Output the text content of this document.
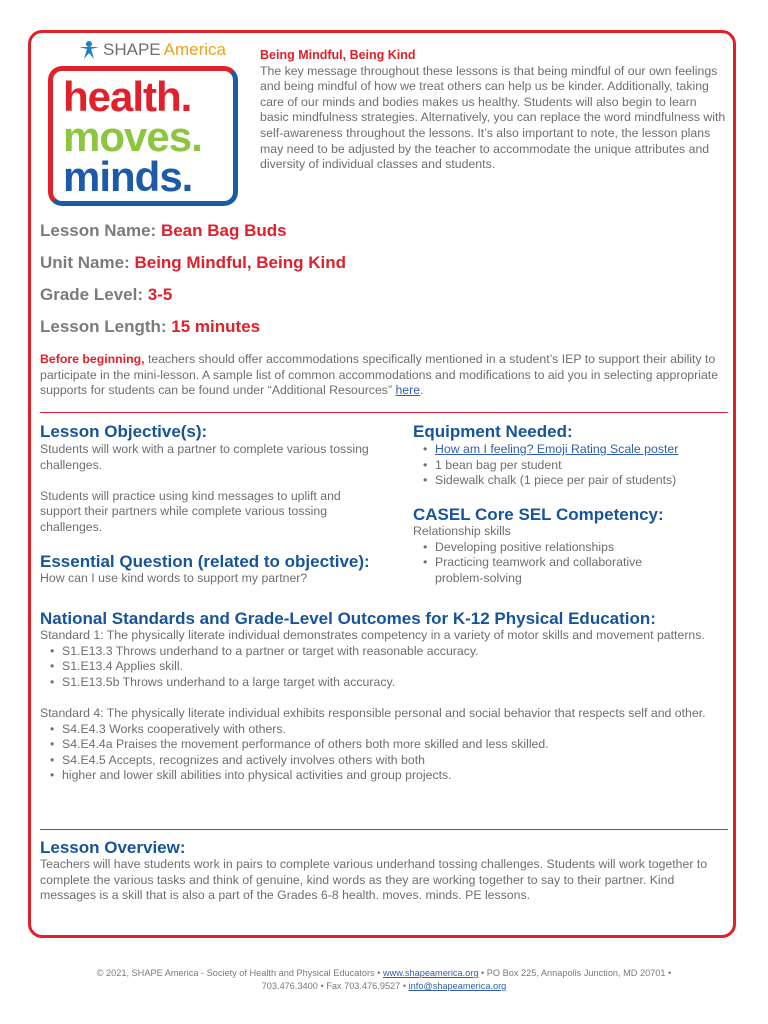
SHAPE America
health.
moves.
minds.
Being Mindful, Being Kind
The key message throughout these lessons is that being mindful of our own feelings and being mindful of how we treat others can help us be kinder. Additionally, taking care of our minds and bodies makes us healthy. Students will also begin to learn basic mindfulness strategies. Alternatively, you can replace the word mindfulness with self-awareness throughout the lessons. It’s also important to note, the lesson plans may need to be adjusted by the teacher to accommodate the unique attributes and diversity of individual classes and students.
Lesson Name: Bean Bag Buds
Unit Name: Being Mindful, Being Kind
Grade Level: 3-5
Lesson Length: 15 minutes
Before beginning, teachers should offer accommodations specifically mentioned in a student’s IEP to support their ability to participate in the mini-lesson. A sample list of common accommodations and modifications to aid you in selecting appropriate supports for students can be found under “Additional Resources” here.
Lesson Objective(s):
Students will work with a partner to complete various tossing challenges.
Students will practice using kind messages to uplift and support their partners while complete various tossing challenges.
Essential Question (related to objective):
How can I use kind words to support my partner?
Equipment Needed:
• How am I feeling? Emoji Rating Scale poster
• 1 bean bag per student
• Sidewalk chalk (1 piece per pair of students)
CASEL Core SEL Competency:
Relationship skills
• Developing positive relationships
• Practicing teamwork and collaborative problem-solving
National Standards and Grade-Level Outcomes for K-12 Physical Education:
Standard 1: The physically literate individual demonstrates competency in a variety of motor skills and movement patterns.
• S1.E13.3 Throws underhand to a partner or target with reasonable accuracy.
• S1.E13.4 Applies skill.
• S1.E13.5b Throws underhand to a large target with accuracy.
Standard 4: The physically literate individual exhibits responsible personal and social behavior that respects self and other.
• S4.E4.3 Works cooperatively with others.
• S4.E4.4a Praises the movement performance of others both more skilled and less skilled.
• S4.E4.5 Accepts, recognizes and actively involves others with both
• higher and lower skill abilities into physical activities and group projects.
Lesson Overview:
Teachers will have students work in pairs to complete various underhand tossing challenges. Students will work together to complete the various tasks and think of genuine, kind words as they are working together to say to their partner. Kind messages is a skill that is also a part of the Grades 6-8 health. moves. minds. PE lessons.
© 2021, SHAPE America - Society of Health and Physical Educators • www.shapeamerica.org • PO Box 225, Annapolis Junction, MD 20701 •
703.476.3400 • Fax 703.476.9527 • info@shapeamerica.org
